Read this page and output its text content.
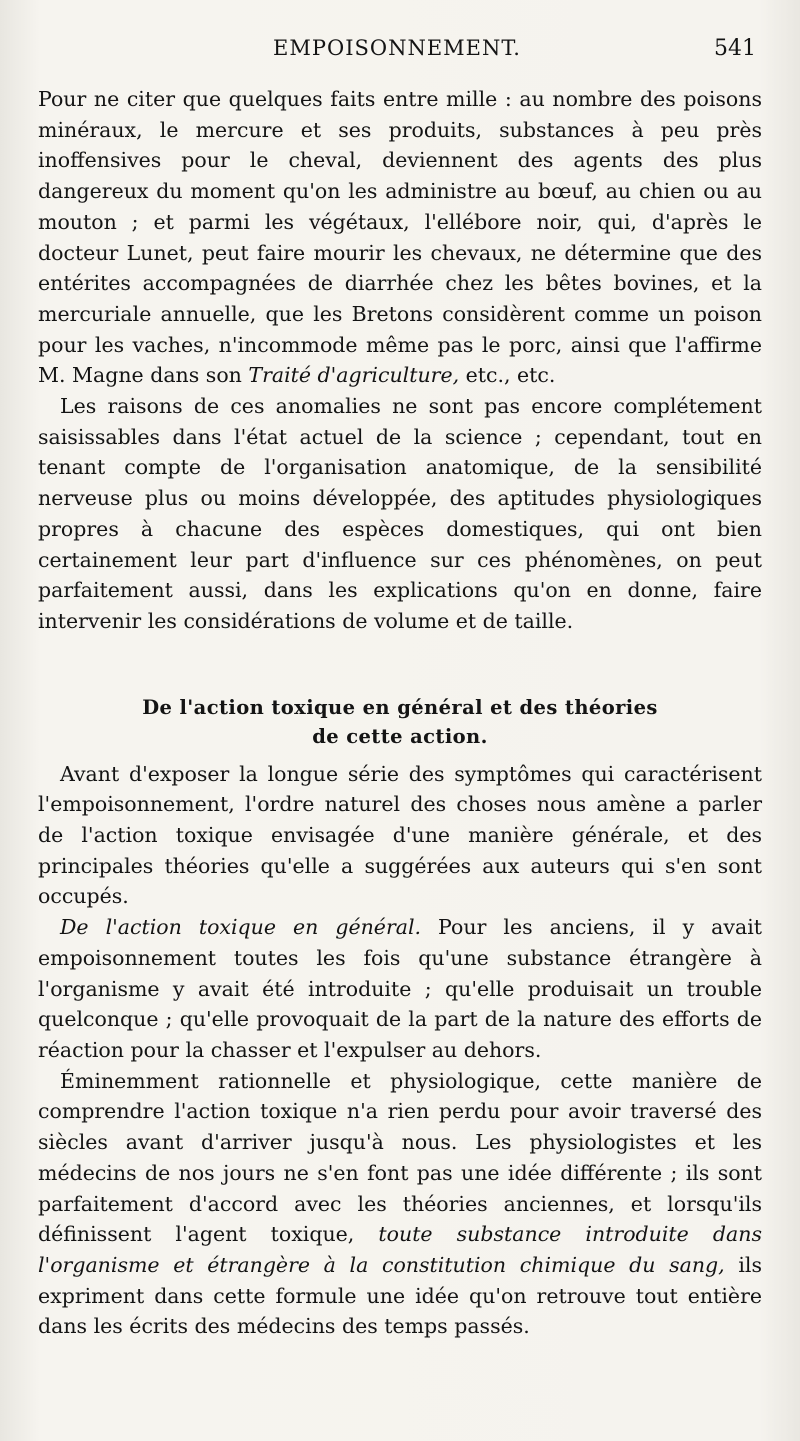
EMPOISONNEMENT.	541

Pour ne citer que quelques faits entre mille : au nombre des poisons minéraux, le mercure et ses produits, substances à peu près inoffensives pour le cheval, deviennent des agents des plus dangereux du moment qu'on les administre au bœuf, au chien ou au mouton ; et parmi les végétaux, l'ellébore noir, qui, d'après le docteur Lunet, peut faire mourir les chevaux, ne détermine que des entérites accompagnées de diarrhée chez les bêtes bovines, et la mercuriale annuelle, que les Bretons considèrent comme un poison pour les vaches, n'incommode même pas le porc, ainsi que l'affirme M. Magne dans son Traité d'agriculture, etc., etc.

Les raisons de ces anomalies ne sont pas encore complétement saisissables dans l'état actuel de la science ; cependant, tout en tenant compte de l'organisation anatomique, de la sensibilité nerveuse plus ou moins développée, des aptitudes physiologiques propres à chacune des espèces domestiques, qui ont bien certainement leur part d'influence sur ces phénomènes, on peut parfaitement aussi, dans les explications qu'on en donne, faire intervenir les considérations de volume et de taille.

De l'action toxique en général et des théories
de cette action.

Avant d'exposer la longue série des symptômes qui caractérisent l'empoisonnement, l'ordre naturel des choses nous amène a parler de l'action toxique envisagée d'une manière générale, et des principales théories qu'elle a suggérées aux auteurs qui s'en sont occupés.

De l'action toxique en général. Pour les anciens, il y avait empoisonnement toutes les fois qu'une substance étrangère à l'organisme y avait été introduite ; qu'elle produisait un trouble quelconque ; qu'elle provoquait de la part de la nature des efforts de réaction pour la chasser et l'expulser au dehors.

Éminemment rationnelle et physiologique, cette manière de comprendre l'action toxique n'a rien perdu pour avoir traversé des siècles avant d'arriver jusqu'à nous. Les physiologistes et les médecins de nos jours ne s'en font pas une idée différente ; ils sont parfaitement d'accord avec les théories anciennes, et lorsqu'ils définissent l'agent toxique, toute substance introduite dans l'organisme et étrangère à la constitution chimique du sang, ils expriment dans cette formule une idée qu'on retrouve tout entière dans les écrits des médecins des temps passés.
